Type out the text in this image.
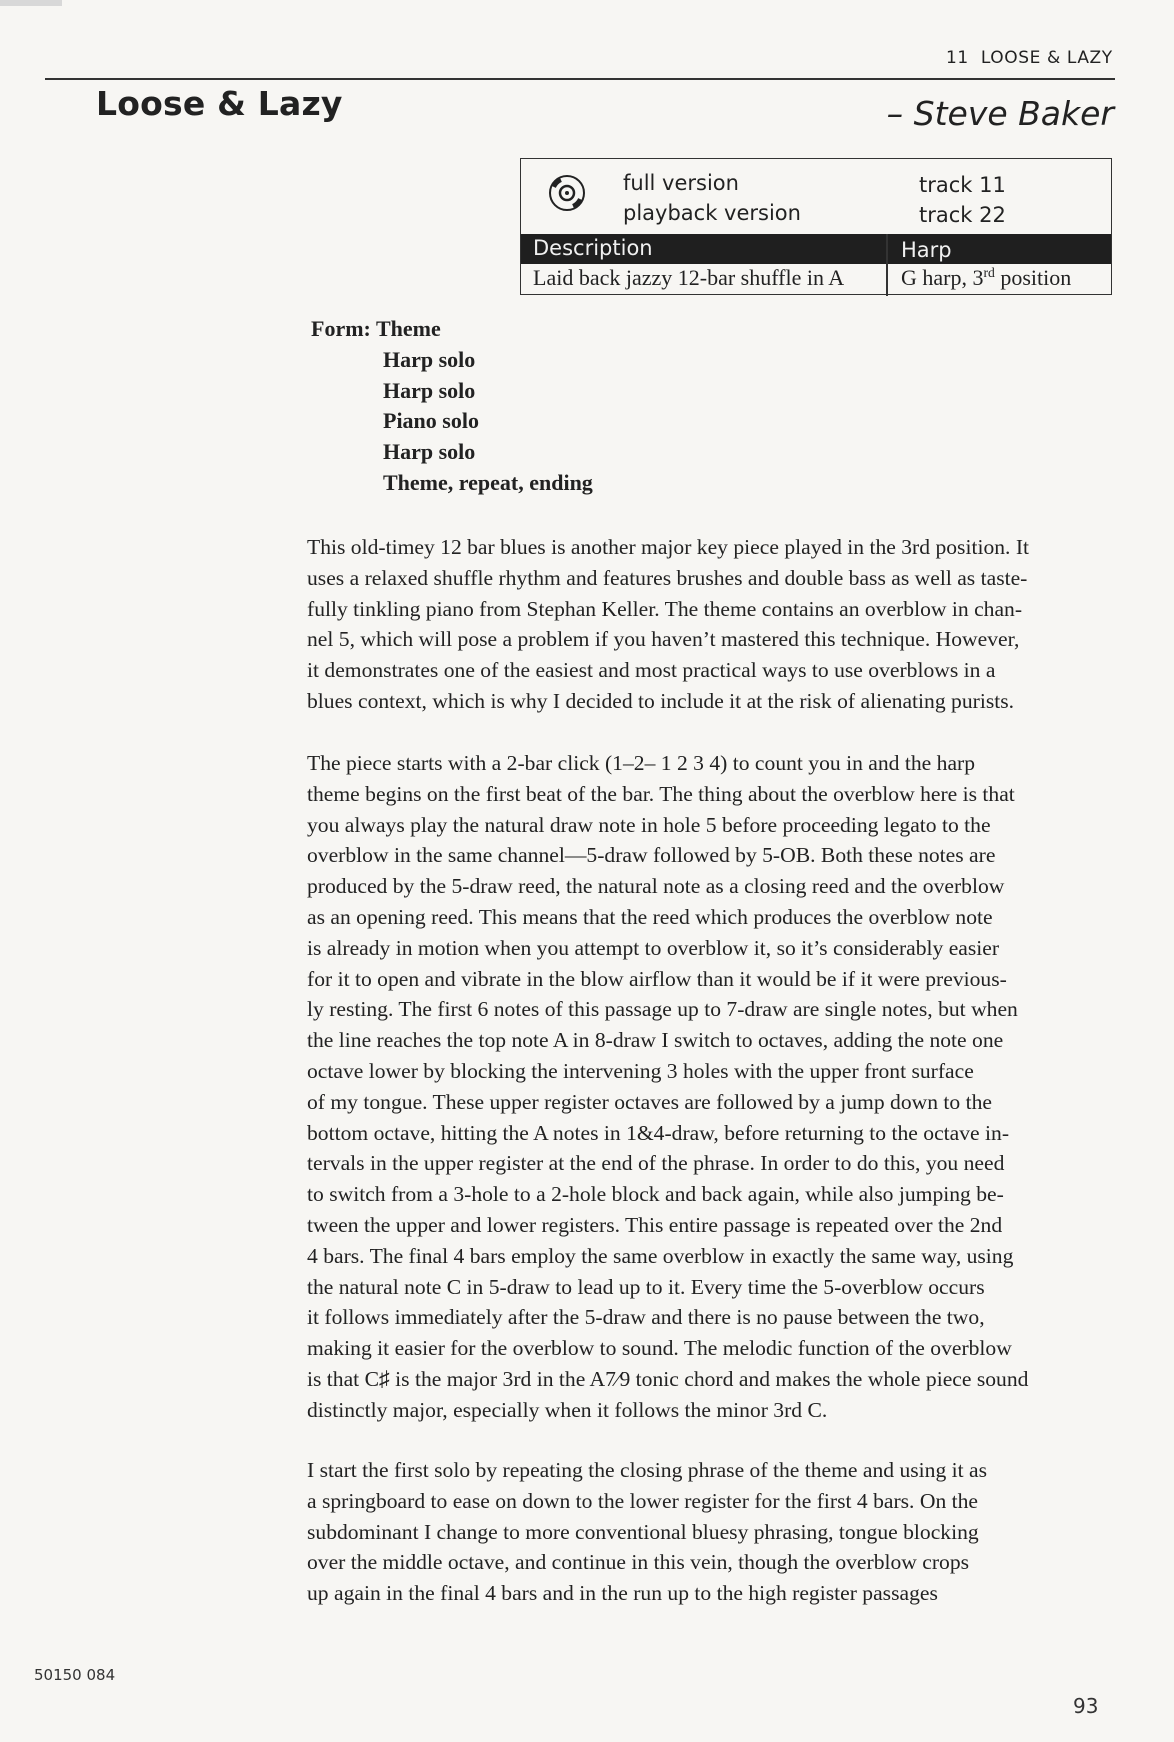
11 LOOSE & LAZY
Loose & Lazy	– Steve Baker
full version	track 11
playback version	track 22
Description	Harp
Laid back jazzy 12-bar shuffle in A	G harp, 3rd position
Form: Theme
Harp solo
Harp solo
Piano solo
Harp solo
Theme, repeat, ending
This old-timey 12 bar blues is another major key piece played in the 3rd position. It
uses a relaxed shuffle rhythm and features brushes and double bass as well as taste-
fully tinkling piano from Stephan Keller. The theme contains an overblow in chan-
nel 5, which will pose a problem if you haven’t mastered this technique. However,
it demonstrates one of the easiest and most practical ways to use overblows in a
blues context, which is why I decided to include it at the risk of alienating purists.
The piece starts with a 2-bar click (1–2– 1 2 3 4) to count you in and the harp
theme begins on the first beat of the bar. The thing about the overblow here is that
you always play the natural draw note in hole 5 before proceeding legato to the
overblow in the same channel—5-draw followed by 5-OB. Both these notes are
produced by the 5-draw reed, the natural note as a closing reed and the overblow
as an opening reed. This means that the reed which produces the overblow note
is already in motion when you attempt to overblow it, so it’s considerably easier
for it to open and vibrate in the blow airflow than it would be if it were previous-
ly resting. The first 6 notes of this passage up to 7-draw are single notes, but when
the line reaches the top note A in 8-draw I switch to octaves, adding the note one
octave lower by blocking the intervening 3 holes with the upper front surface
of my tongue. These upper register octaves are followed by a jump down to the
bottom octave, hitting the A notes in 1&4-draw, before returning to the octave in-
tervals in the upper register at the end of the phrase. In order to do this, you need
to switch from a 3-hole to a 2-hole block and back again, while also jumping be-
tween the upper and lower registers. This entire passage is repeated over the 2nd
4 bars. The final 4 bars employ the same overblow in exactly the same way, using
the natural note C in 5-draw to lead up to it. Every time the 5-overblow occurs
it follows immediately after the 5-draw and there is no pause between the two,
making it easier for the overblow to sound. The melodic function of the overblow
is that C♯ is the major 3rd in the A7⁄9 tonic chord and makes the whole piece sound
distinctly major, especially when it follows the minor 3rd C.
I start the first solo by repeating the closing phrase of the theme and using it as
a springboard to ease on down to the lower register for the first 4 bars. On the
subdominant I change to more conventional bluesy phrasing, tongue blocking
over the middle octave, and continue in this vein, though the overblow crops
up again in the final 4 bars and in the run up to the high register passages
50150 084
93
